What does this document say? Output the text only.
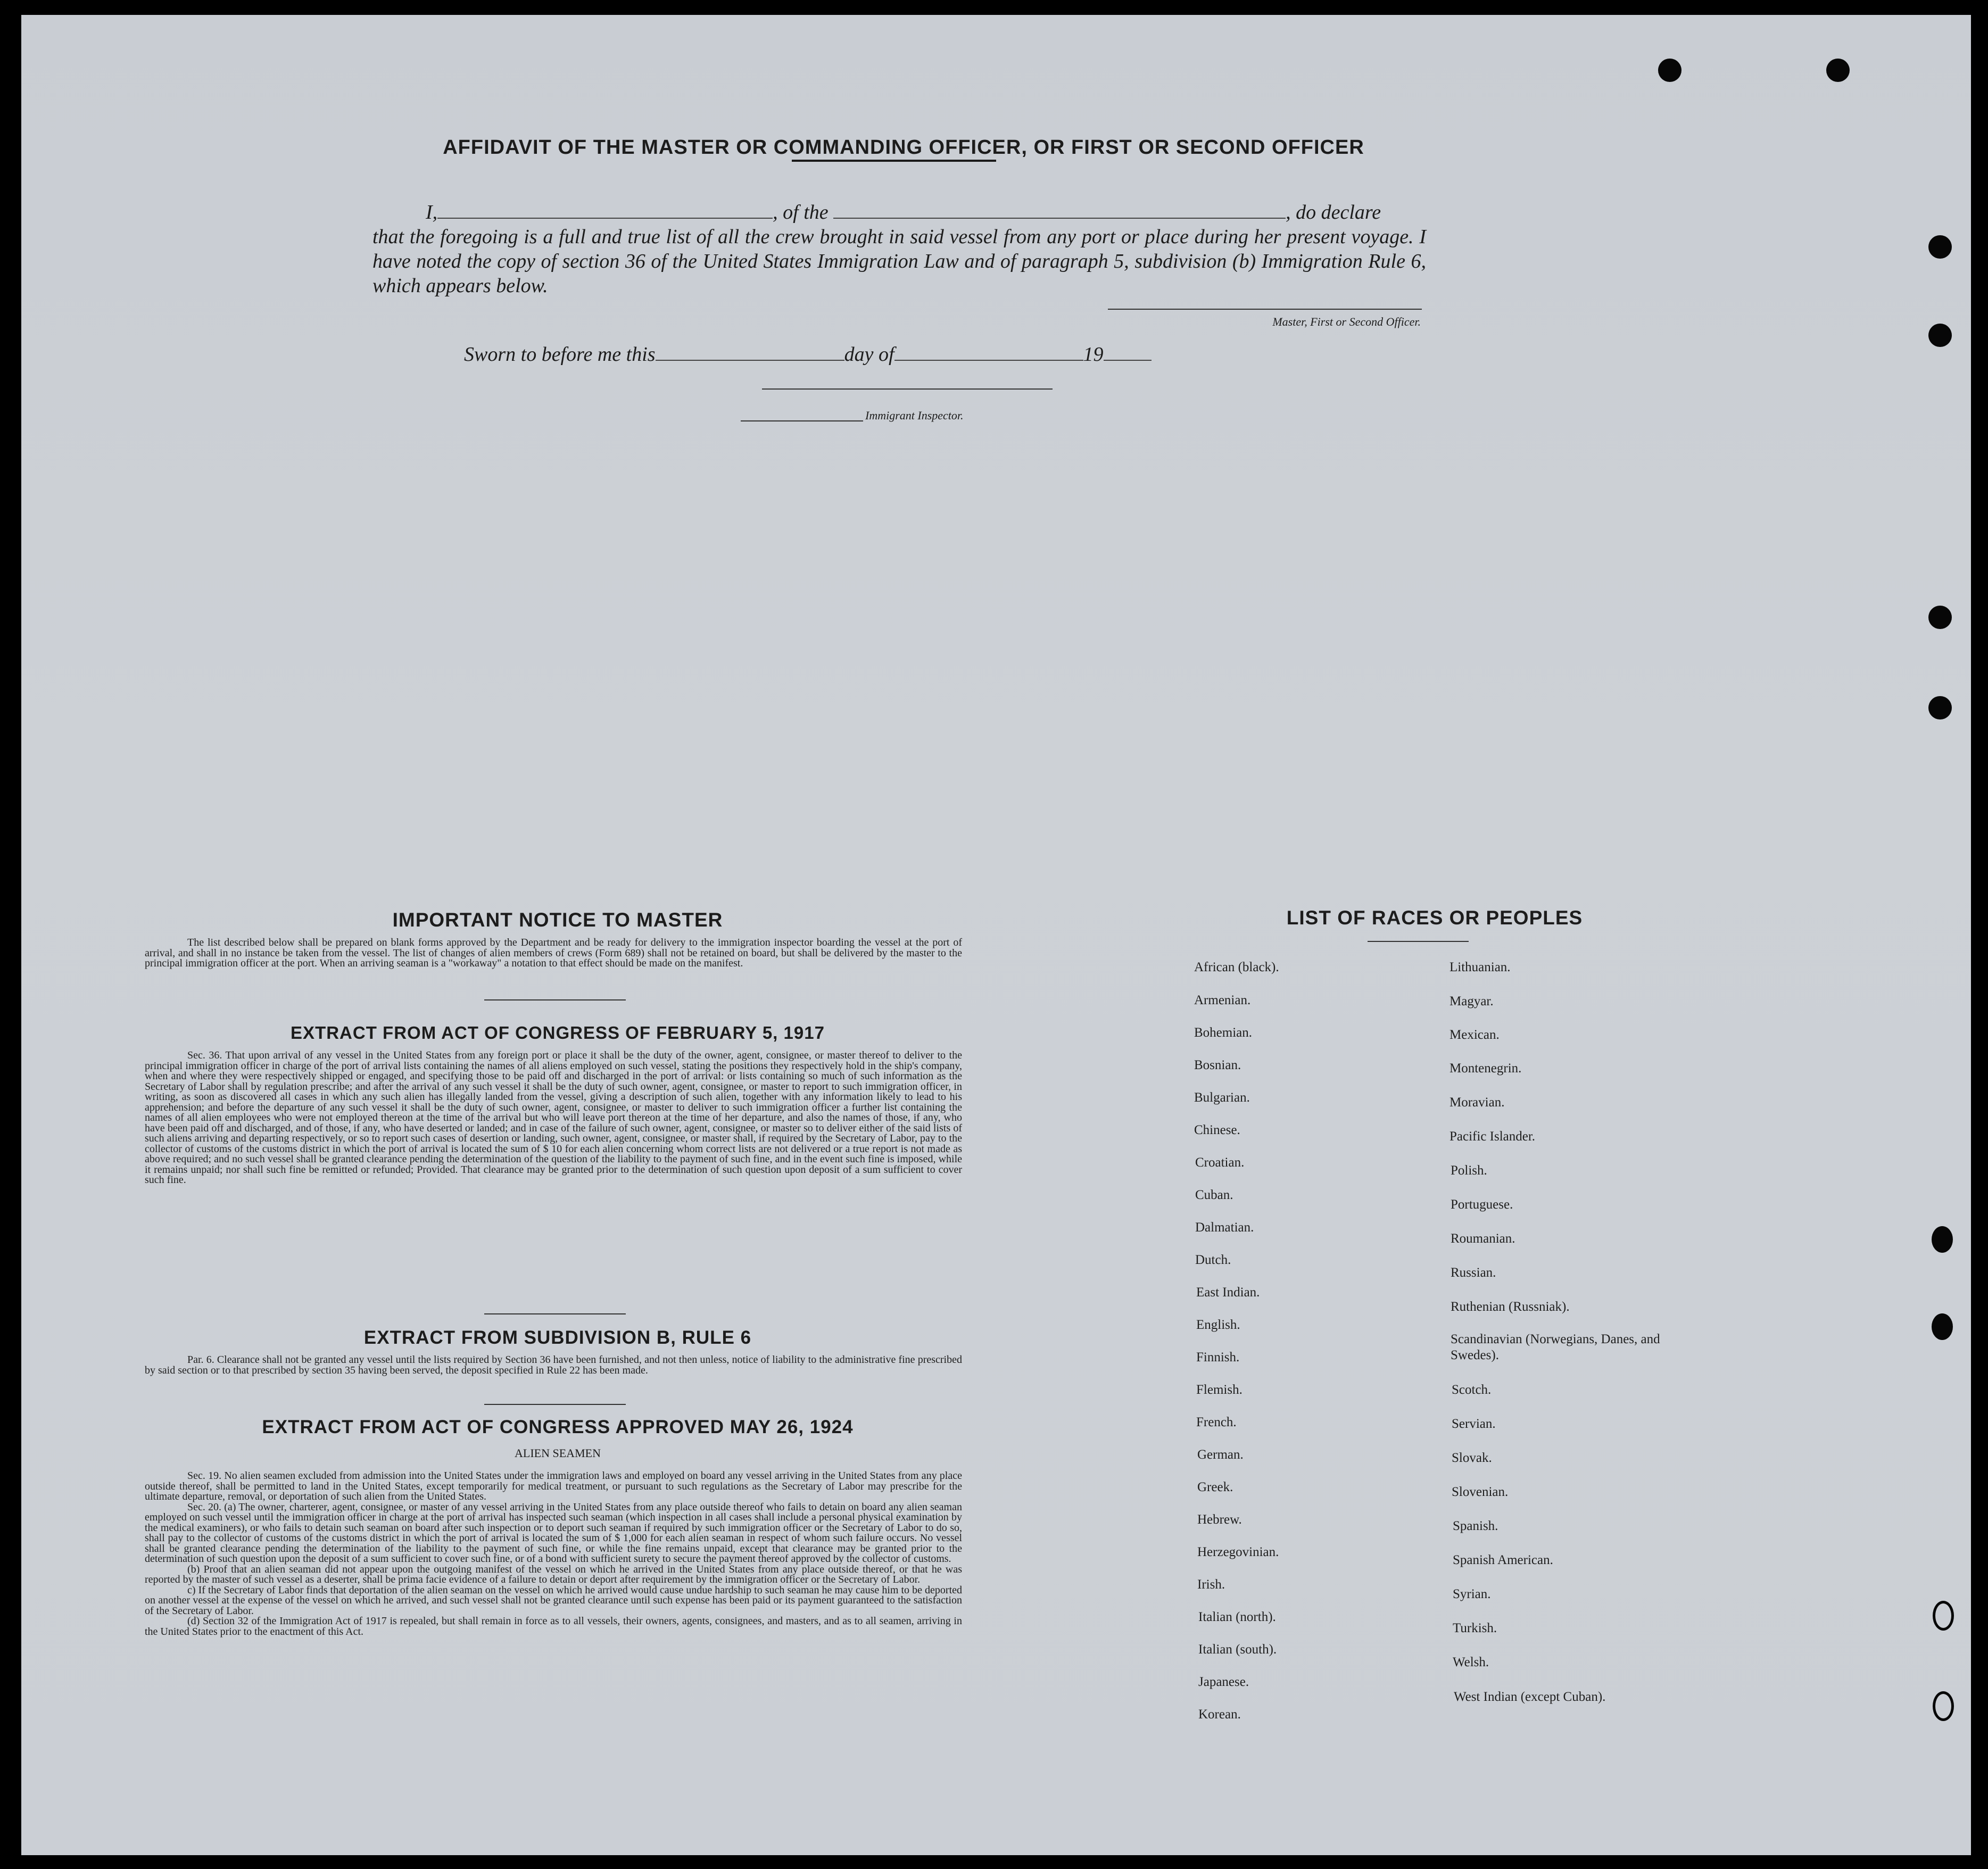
AFFIDAVIT OF THE MASTER OR COMMANDING OFFICER, OR FIRST OR SECOND OFFICER
I,	, of the	, do declare
that the foregoing is a full and true list of all the crew brought in said vessel from any port or place during her present voyage. I have noted the copy of section 36 of the United States Immigration Law and of paragraph 5, subdivision (b) Immigration Rule 6, which appears below.
Master, First or Second Officer.
Sworn to before me this	day of	19
Immigrant Inspector.
IMPORTANT NOTICE TO MASTER
The list described below shall be prepared on blank forms approved by the Department and be ready for delivery to the immigration inspector boarding the vessel at the port of arrival, and shall in no instance be taken from the vessel. The list of changes of alien members of crews (Form 689) shall not be retained on board, but shall be delivered by the master to the principal immigration officer at the port. When an arriving seaman is a "workaway" a notation to that effect should be made on the manifest.
EXTRACT FROM ACT OF CONGRESS OF FEBRUARY 5, 1917
Sec. 36. That upon arrival of any vessel in the United States from any foreign port or place it shall be the duty of the owner, agent, consignee, or master thereof to deliver to the principal immigration officer in charge of the port of arrival lists containing the names of all aliens employed on such vessel, stating the positions they respectively hold in the ship's company, when and where they were respectively shipped or engaged, and specifying those to be paid off and discharged in the port of arrival: or lists containing so much of such information as the Secretary of Labor shall by regulation prescribe; and after the arrival of any such vessel it shall be the duty of such owner, agent, consignee, or master to report to such immigration officer, in writing, as soon as discovered all cases in which any such alien has illegally landed from the vessel, giving a description of such alien, together with any information likely to lead to his apprehension; and before the departure of any such vessel it shall be the duty of such owner, agent, consignee, or master to deliver to such immigration officer a further list containing the names of all alien employees who were not employed thereon at the time of the arrival but who will leave port thereon at the time of her departure, and also the names of those, if any, who have been paid off and discharged, and of those, if any, who have deserted or landed; and in case of the failure of such owner, agent, consignee, or master so to deliver either of the said lists of such aliens arriving and departing respectively, or so to report such cases of desertion or landing, such owner, agent, consignee, or master shall, if required by the Secretary of Labor, pay to the collector of customs of the customs district in which the port of arrival is located the sum of $ 10 for each alien concerning whom correct lists are not delivered or a true report is not made as above required; and no such vessel shall be granted clearance pending the determination of the question of the liability to the payment of such fine, and in the event such fine is imposed, while it remains unpaid; nor shall such fine be remitted or refunded; Provided. That clearance may be granted prior to the determination of such question upon deposit of a sum sufficient to cover such fine.
EXTRACT FROM SUBDIVISION B, RULE 6
Par. 6. Clearance shall not be granted any vessel until the lists required by Section 36 have been furnished, and not then unless, notice of liability to the administrative fine prescribed by said section or to that prescribed by section 35 having been served, the deposit specified in Rule 22 has been made.
EXTRACT FROM ACT OF CONGRESS APPROVED MAY 26, 1924
ALIEN SEAMEN
Sec. 19. No alien seamen excluded from admission into the United States under the immigration laws and employed on board any vessel arriving in the United States from any place outside thereof, shall be permitted to land in the United States, except temporarily for medical treatment, or pursuant to such regulations as the Secretary of Labor may prescribe for the ultimate departure, removal, or deportation of such alien from the United States.
Sec. 20. (a) The owner, charterer, agent, consignee, or master of any vessel arriving in the United States from any place outside thereof who fails to detain on board any alien seaman employed on such vessel until the immigration officer in charge at the port of arrival has inspected such seaman (which inspection in all cases shall include a personal physical examination by the medical examiners), or who fails to detain such seaman on board after such inspection or to deport such seaman if required by such immigration officer or the Secretary of Labor to do so, shall pay to the collector of customs of the customs district in which the port of arrival is located the sum of $ 1,000 for each alien seaman in respect of whom such failure occurs. No vessel shall be granted clearance pending the determination of the liability to the payment of such fine, or while the fine remains unpaid, except that clearance may be granted prior to the determination of such question upon the deposit of a sum sufficient to cover such fine, or of a bond with sufficient surety to secure the payment thereof approved by the collector of customs.
(b) Proof that an alien seaman did not appear upon the outgoing manifest of the vessel on which he arrived in the United States from any place outside thereof, or that he was reported by the master of such vessel as a deserter, shall be prima facie evidence of a failure to detain or deport after requirement by the immigration officer or the Secretary of Labor.
c) If the Secretary of Labor finds that deportation of the alien seaman on the vessel on which he arrived would cause undue hardship to such seaman he may cause him to be deported on another vessel at the expense of the vessel on which he arrived, and such vessel shall not be granted clearance until such expense has been paid or its payment guaranteed to the satisfaction of the Secretary of Labor.
(d) Section 32 of the Immigration Act of 1917 is repealed, but shall remain in force as to all vessels, their owners, agents, consignees, and masters, and as to all seamen, arriving in the United States prior to the enactment of this Act.
LIST OF RACES OR PEOPLES
African (black).
Armenian.
Bohemian.
Bosnian.
Bulgarian.
Chinese.
Croatian.
Cuban.
Dalmatian.
Dutch.
East Indian.
English.
Finnish.
Flemish.
French.
German.
Greek.
Hebrew.
Herzegovinian.
Irish.
Italian (north).
Italian (south).
Japanese.
Korean.
Lithuanian.
Magyar.
Mexican.
Montenegrin.
Moravian.
Pacific Islander.
Polish.
Portuguese.
Roumanian.
Russian.
Ruthenian (Russniak).
Scandinavian (Norwegians, Danes, and Swedes).
Scotch.
Servian.
Slovak.
Slovenian.
Spanish.
Spanish American.
Syrian.
Turkish.
Welsh.
West Indian (except Cuban).
